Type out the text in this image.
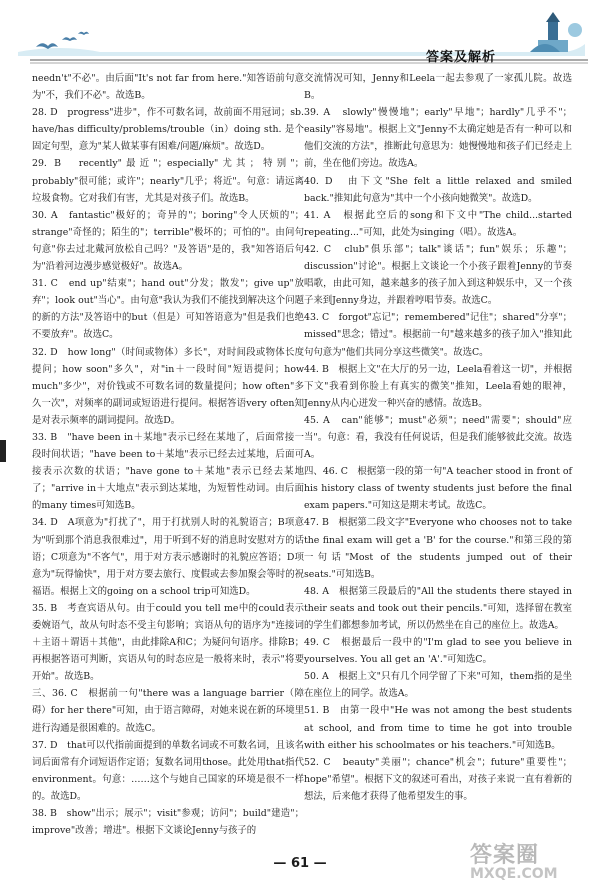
答案及解析

needn't"不必"。由后面"It's not far from here."知答语前句意为"不，我们不必"。故选B。

28. D　progress"进步"，作不可数名词，故前面不用冠词；sb. have/has difficulty/problems/trouble（in）doing sth. 是个固定句型，意为"某人做某事有困难/问题/麻烦"。故选D。

29. B　recently"最近"；especially"尤其；特别"；probably"很可能；或许"；nearly"几乎；将近"。句意：请远离垃圾食物。它对我们有害，尤其是对孩子们。故选B。

30. A　fantastic"极好的；奇异的"；boring"令人厌烦的"；strange"奇怪的；陌生的"；terrible"极坏的；可怕的"。由问句句意"你去过北戴河放松自己吗？"及答语"是的，我"知答语后句为"沿着河边漫步感觉极好"。故选A。

31. C　end up"结束"；hand out"分发；散发"；give up"放弃"；look out"当心"。由句意"我认为我们不能找到解决这个问题的新的方法"及答语中的but（但是）可知答语意为"但是我们也绝不要放弃"。故选C。

32. D　how long"（时间或物体）多长"，对时间段或物体长度提问；how soon"多久"，对"in＋一段时间"短语提问；how much"多少"，对价钱或不可数名词的数量提问；how often"多久一次"，对频率的副词或短语进行提问。根据答语very often知是对表示频率的副词提问。故选D。

33. B　"have been in＋某地"表示已经在某地了，后面常接一段时间状语；"have been to＋某地"表示已经去过某地，后面可接表示次数的状语；"have gone to＋某地"表示已经去某地了；"arrive in＋大地点"表示到达某地，为短暂性动词。由后面的many times可知选B。

34. D　A项意为"打扰了"，用于打扰别人时的礼貌语言；B项意为"听到那个消息我很难过"，用于听到不好的消息时安慰对方的话语；C项意为"不客气"，用于对方表示感谢时的礼貌应答语；D项意为"玩得愉快"，用于对方要去旅行、度假或去参加聚会等时的祝福语。根据上文的going on a school trip可知选D。

35. B　考查宾语从句。由于could you tell me中的could表示委婉语气，故从句时态不受主句影响；宾语从句的语序为"连接词＋主语＋谓语＋其他"，由此排除A和C；为疑问句语序。排除B；再根据答语可判断，宾语从句的时态应是一般将来时，表示"将要开始"。故选B。

三、36. C　根据前一句"there was a language barrier（障碍）for her there"可知，由于语言障碍，对她来说在新的环境里进行沟通是很困难的。故选C。

37. D　that可以代指前面提到的单数名词或不可数名词，且该名词后面常有介词短语作定语；复数名词用those。此处用that指代environment。句意：……这个与她自己国家的环境是很不一样的。故选D。

38. B　show"出示；展示"；visit"参观；访问"；build"建造"；improve"改善；增进"。根据下文谈论Jenny与孩子的

交流情况可知，Jenny和Leela一起去参观了一家孤儿院。故选B。

39. A　slowly"慢慢地"；early"早地"；hardly"几乎不"；easily"容易地"。根据上文"Jenny不太确定她是否有一种可以和他们交流的方法"，推断此句意思为：她慢慢地和孩子们已经走上前，坐在他们旁边。故选A。

40. D　由下文"She felt a little relaxed and smiled back."推知此句意为"其中一个小孩向她微笑"。故选D。

41. A　根据此空后的song和下文中"The child...started repeating..."可知，此处为singing（唱）。故选A。

42. C　club"俱乐部"；talk"谈话"；fun"娱乐；乐趣"；discussion"讨论"。根据上文谈论一个小孩子跟着Jenny的节奏唱歌，由此可知，越来越多的孩子加入到这种娱乐中，又一个孩子来到Jenny身边，并跟着哼唱节奏。故选C。

43. C　forgot"忘记"；remembered"记住"；shared"分享"；missed"思念；错过"。根据前一句"越来越多的孩子加入"推知此句句意为"他们共同分享这些微笑"。故选C。

44. B　根据上文"在大厅的另一边，Leela看着这一切"，并根据下文"我看到你脸上有真实的微笑"推知，Leela看她的眼神，Jenny从内心迸发一种兴奋的感情。故选B。

45. A　can"能够"；must"必须"；need"需要"；should"应当"。句意：看，我没有任何说话，但是我们能够彼此交流。故选A。

四、46. C　根据第一段的第一句"A teacher stood in front of his history class of twenty students just before the final exam papers."可知这是期末考试。故选C。

47. B　根据第二段文字"Everyone who chooses not to take the final exam will get a 'B' for the course."和第三段的第一句话"Most of the students jumped out of their seats."可知选B。

48. A　根据第三段最后的"All the students there stayed in their seats and took out their pencils."可知，选择留在教室的学生们都想参加考试，所以仍然坐在自己的座位上。故选A。

49. C　根据最后一段中的"I'm glad to see you believe in yourselves. You all get an 'A'."可知选C。

50. A　根据上文"只有几个同学留了下来"可知，them指的是坐在座位上的同学。故选A。

51. B　由第一段中"He was not among the best students at school, and from time to time he got into trouble with either his schoolmates or his teachers."可知选B。

52. C　beauty"美丽"；chance"机会"；future"重要性"；hope"希望"。根据下文的叙述可看出，对孩子来说一直有着新的想法，后来他才获得了他希望发生的事。

— 61 —	答案圈
MXQE.COM
